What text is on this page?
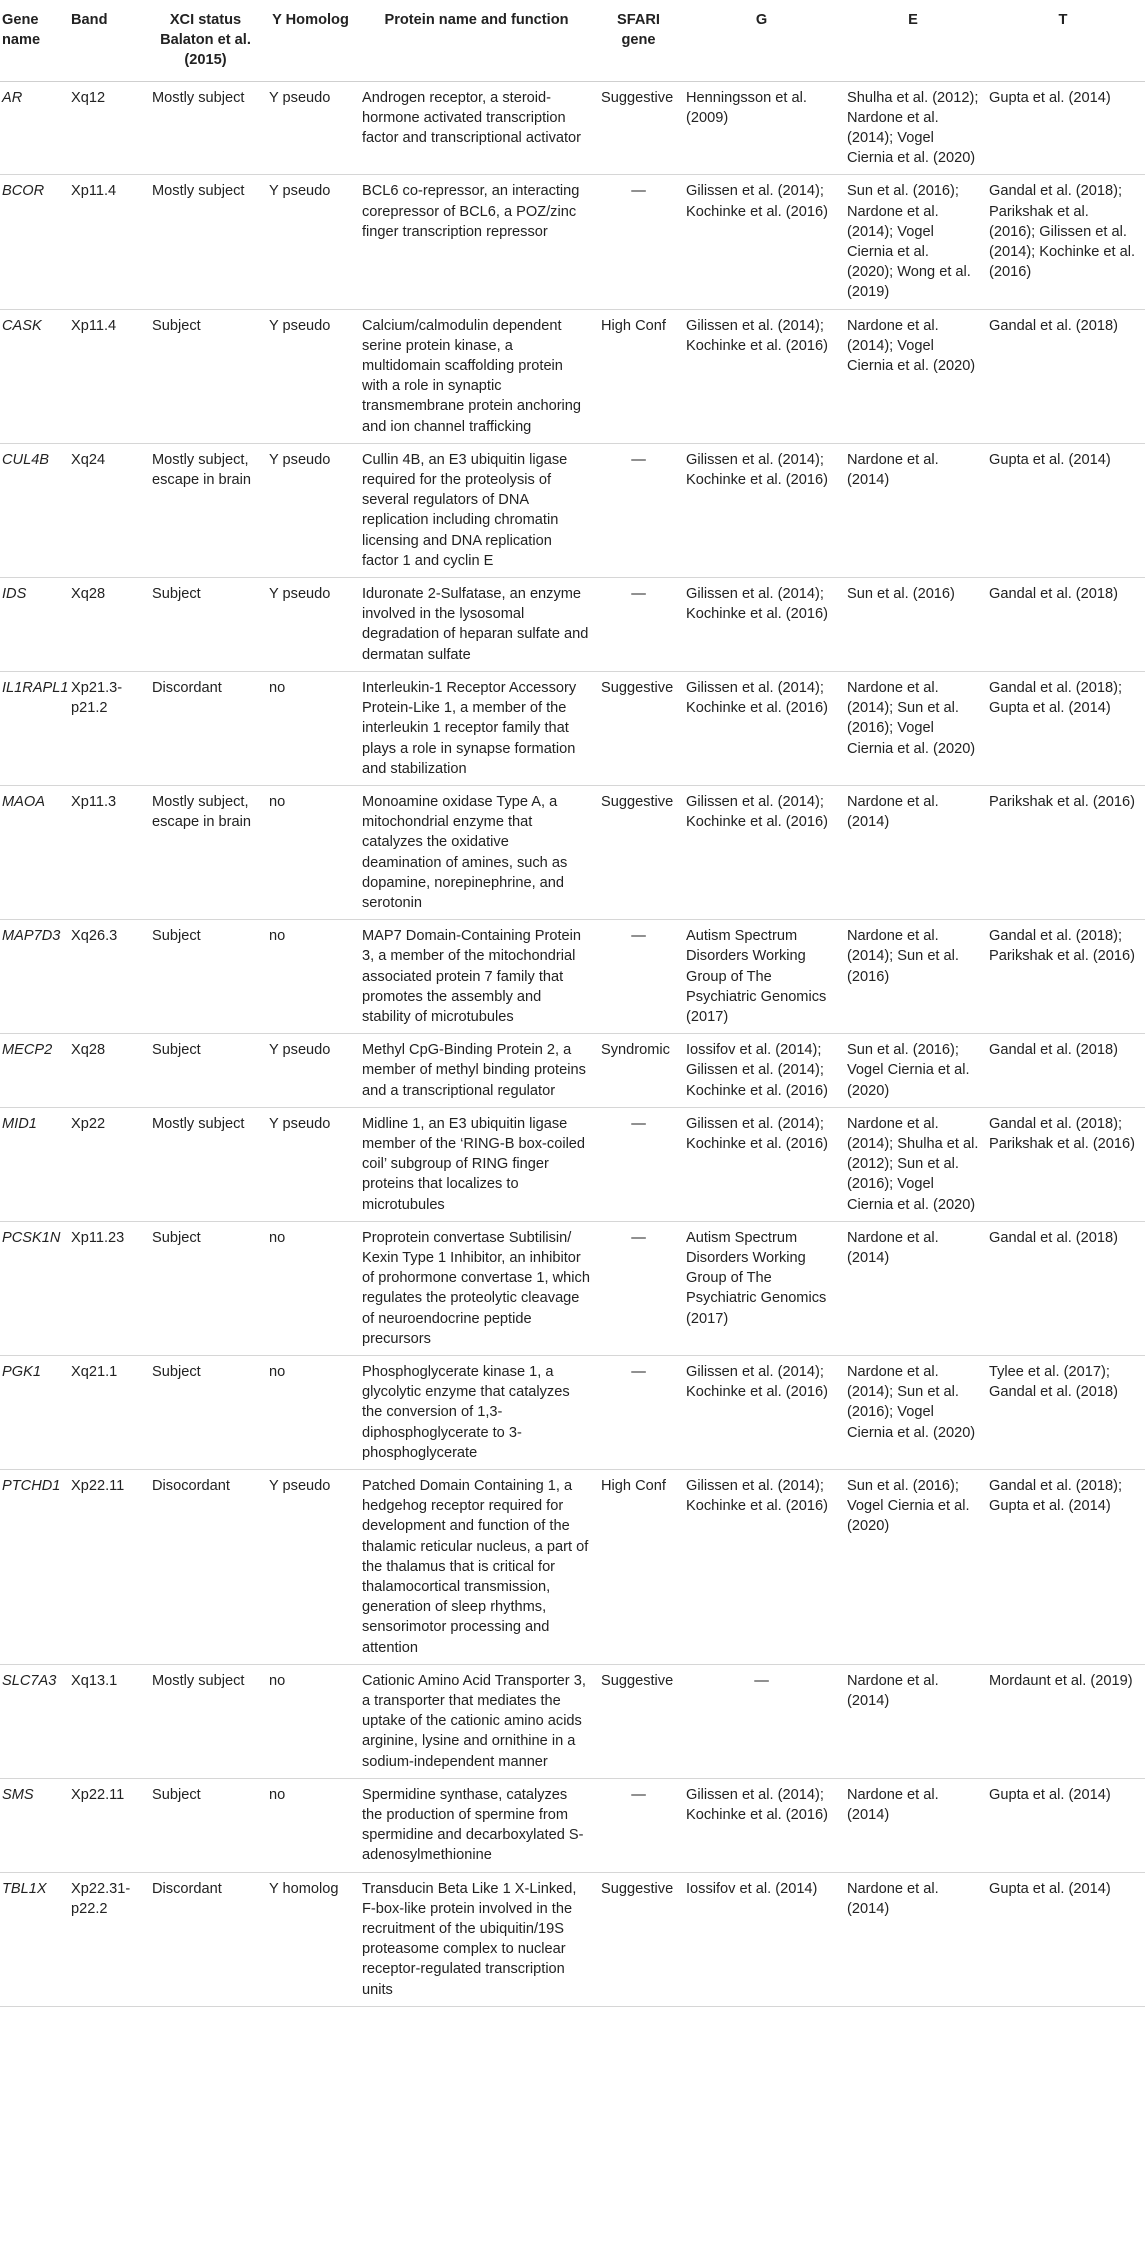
Gene name	Band	XCI status Balaton et al. (2015)	Y Homolog	Protein name and function	SFARI gene	G	E	T
AR	Xq12	Mostly subject	Y pseudo	Androgen receptor, a steroid-hormone activated transcription factor and transcriptional activator	Suggestive	Henningsson et al. (2009)	Shulha et al. (2012); Nardone et al. (2014); Vogel Ciernia et al. (2020)	Gupta et al. (2014)
BCOR	Xp11.4	Mostly subject	Y pseudo	BCL6 co-repressor, an interacting corepressor of BCL6, a POZ/zinc finger transcription repressor	—	Gilissen et al. (2014); Kochinke et al. (2016)	Sun et al. (2016); Nardone et al. (2014); Vogel Ciernia et al. (2020); Wong et al. (2019)	Gandal et al. (2018); Parikshak et al. (2016); Gilissen et al. (2014); Kochinke et al. (2016)
CASK	Xp11.4	Subject	Y pseudo	Calcium/calmodulin dependent serine protein kinase, a multidomain scaffolding protein with a role in synaptic transmembrane protein anchoring and ion channel trafficking	High Conf	Gilissen et al. (2014); Kochinke et al. (2016)	Nardone et al. (2014); Vogel Ciernia et al. (2020)	Gandal et al. (2018)
CUL4B	Xq24	Mostly subject, escape in brain	Y pseudo	Cullin 4B, an E3 ubiquitin ligase required for the proteolysis of several regulators of DNA replication including chromatin licensing and DNA replication factor 1 and cyclin E	—	Gilissen et al. (2014); Kochinke et al. (2016)	Nardone et al. (2014)	Gupta et al. (2014)
IDS	Xq28	Subject	Y pseudo	Iduronate 2-Sulfatase, an enzyme involved in the lysosomal degradation of heparan sulfate and dermatan sulfate	—	Gilissen et al. (2014); Kochinke et al. (2016)	Sun et al. (2016)	Gandal et al. (2018)
IL1RAPL1	Xp21.3-p21.2	Discordant	no	Interleukin-1 Receptor Accessory Protein-Like 1, a member of the interleukin 1 receptor family that plays a role in synapse formation and stabilization	Suggestive	Gilissen et al. (2014); Kochinke et al. (2016)	Nardone et al. (2014); Sun et al. (2016); Vogel Ciernia et al. (2020)	Gandal et al. (2018); Gupta et al. (2014)
MAOA	Xp11.3	Mostly subject, escape in brain	no	Monoamine oxidase Type A, a mitochondrial enzyme that catalyzes the oxidative deamination of amines, such as dopamine, norepinephrine, and serotonin	Suggestive	Gilissen et al. (2014); Kochinke et al. (2016)	Nardone et al. (2014)	Parikshak et al. (2016)
MAP7D3	Xq26.3	Subject	no	MAP7 Domain-Containing Protein 3, a member of the mitochondrial associated protein 7 family that promotes the assembly and stability of microtubules	—	Autism Spectrum Disorders Working Group of The Psychiatric Genomics (2017)	Nardone et al. (2014); Sun et al. (2016)	Gandal et al. (2018); Parikshak et al. (2016)
MECP2	Xq28	Subject	Y pseudo	Methyl CpG-Binding Protein 2, a member of methyl binding proteins and a transcriptional regulator	Syndromic	Iossifov et al. (2014); Gilissen et al. (2014); Kochinke et al. (2016)	Sun et al. (2016); Vogel Ciernia et al. (2020)	Gandal et al. (2018)
MID1	Xp22	Mostly subject	Y pseudo	Midline 1, an E3 ubiquitin ligase member of the ‘RING-B box-coiled coil’ subgroup of RING finger proteins that localizes to microtubules	—	Gilissen et al. (2014); Kochinke et al. (2016)	Nardone et al. (2014); Shulha et al. (2012); Sun et al. (2016); Vogel Ciernia et al. (2020)	Gandal et al. (2018); Parikshak et al. (2016)
PCSK1N	Xp11.23	Subject	no	Proprotein convertase Subtilisin/ Kexin Type 1 Inhibitor, an inhibitor of prohormone convertase 1, which regulates the proteolytic cleavage of neuroendocrine peptide precursors	—	Autism Spectrum Disorders Working Group of The Psychiatric Genomics (2017)	Nardone et al. (2014)	Gandal et al. (2018)
PGK1	Xq21.1	Subject	no	Phosphoglycerate kinase 1, a glycolytic enzyme that catalyzes the conversion of 1,3-diphosphoglycerate to 3-phosphoglycerate	—	Gilissen et al. (2014); Kochinke et al. (2016)	Nardone et al. (2014); Sun et al. (2016); Vogel Ciernia et al. (2020)	Tylee et al. (2017); Gandal et al. (2018)
PTCHD1	Xp22.11	Disocordant	Y pseudo	Patched Domain Containing 1, a hedgehog receptor required for development and function of the thalamic reticular nucleus, a part of the thalamus that is critical for thalamocortical transmission, generation of sleep rhythms, sensorimotor processing and attention	High Conf	Gilissen et al. (2014); Kochinke et al. (2016)	Sun et al. (2016); Vogel Ciernia et al. (2020)	Gandal et al. (2018); Gupta et al. (2014)
SLC7A3	Xq13.1	Mostly subject	no	Cationic Amino Acid Transporter 3, a transporter that mediates the uptake of the cationic amino acids arginine, lysine and ornithine in a sodium-independent manner	Suggestive	—	Nardone et al. (2014)	Mordaunt et al. (2019)
SMS	Xp22.11	Subject	no	Spermidine synthase, catalyzes the production of spermine from spermidine and decarboxylated S-adenosylmethionine	—	Gilissen et al. (2014); Kochinke et al. (2016)	Nardone et al. (2014)	Gupta et al. (2014)
TBL1X	Xp22.31-p22.2	Discordant	Y homolog	Transducin Beta Like 1 X-Linked, F-box-like protein involved in the recruitment of the ubiquitin/19S proteasome complex to nuclear receptor-regulated transcription units	Suggestive	Iossifov et al. (2014)	Nardone et al. (2014)	Gupta et al. (2014)
